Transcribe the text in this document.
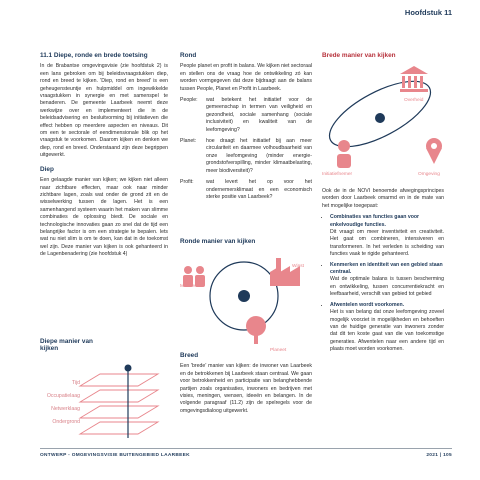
Hoofdstuk 11
11.1 Diepe, ronde en brede toetsing

In de Brabantse omgevingsvisie (zie hoofdstuk 2) is een lans gebroken om bij beleidsvraagstukken diep, rond en breed te kijken. 'Diep, rond en breed' is een geheugensteuntje en hulpmiddel om ingewikkelde vraagstukken in synergie en met samenspel te benaderen. De gemeente Laarbeek neemt deze werkwijze over en implementeert die in de beleidsadvisering en besluitvorming bij initiatieven die effect hebben op meerdere aspecten en niveaus. Dit om een te sectorale of eendimensionale blik op het vraagstuk te voorkomen. Daarom kijken en denken we diep, rond en breed. Onderstaand zijn deze begrippen uitgewerkt.

Diep

Een gelaagde manier van kijken; we kijken niet alleen naar zichtbare effecten, maar ook naar minder zichtbare lagen, zoals wat onder de grond zit en de wisselwerking tussen de lagen. Het is een samenhangend systeem waarin het maken van slimme combinaties de oplossing biedt. De sociale en technologische innovaties gaan zo snel dat de tijd een belangrijke factor is om een strategie te bepalen. Iets wat nu niet slim is om te doen, kan dat in de toekomst wel zijn. Deze manier van kijken is ook gehanteerd in de Lagenbenadering (zie hoofdstuk 4)

Diepe manier van kijken
Tijd
Occupatielaag
Netwerklaag
Ondergrond
Rond

People planet en profit in balans. We kijken niet sectoraal en stellen ons de vraag hoe de ontwikkeling zó kan worden vormgegeven dat deze bijdraagt aan de balans tussen People, Planet en Profit in Laarbeek.

People:	wat betekent het initiatief voor de gemeenschap in termen van veiligheid en gezondheid, sociale samenhang (sociale inclusiviteit) en kwaliteit van de leefomgeving?
Planet:	hoe draagt het initiatief bij aan meer circulariteit en daarmee volhoudbaarheid van onze leefomgeving (minder energie- grondstofverspilling, minder klimaatbelasting, meer biodiversiteit)?
Profit:	wat levert het op voor het ondernemersklimaat en een economisch sterke positie van Laarbeek?
Ronde manier van kijken
Mensen
Winst
Planeet
Breed

Een 'brede' manier van kijken: de inwoner van Laarbeek en de betrokkenen bij Laarbeek staan centraal. We gaan voor betrokkenheid en participatie van belanghebbende partijen zoals organisaties, inwoners en bedrijven met visies, meningen, wensen, ideeën en belangen. In de volgende paragraaf (11.2) zijn de spelregels voor de omgevingsdialoog uitgewerkt.

Brede manier van kijken
Overheid
Initiatiefnemer	Omgeving

Ook de in de NOVI benoemde afwegingsprincipes worden door Laarbeek omarmd en in de mate van het mogelijke toegepast:

• Combinaties van functies gaan voor enkelvoudige functies.
Dit vraagt om meer inventiviteit en creativiteit. Het gaat om combineren, intensiveren en transformeren. In het verleden is scheiding van functies vaak te rigide gehanteerd.
• Kenmerken en identiteit van een gebied staan centraal.
Wat de optimale balans is tussen bescherming en ontwikkeling, tussen concurrentiekracht en leefbaarheid, verschilt van gebied tot gebied
• Afwentelen wordt voorkomen.
Het is van belang dat onze leefomgeving zoveel mogelijk voorziet in mogelijkheden en behoeften van de huidige generatie van inwoners zonder dat dit ten koste gaat van die van toekomstige generaties. Afwentelen naar een andere tijd en plaats moet worden voorkomen.
ONTWERP - OMGEVINGSVISIE BUITENGEBIED LAARBEEK	2021 | 105
